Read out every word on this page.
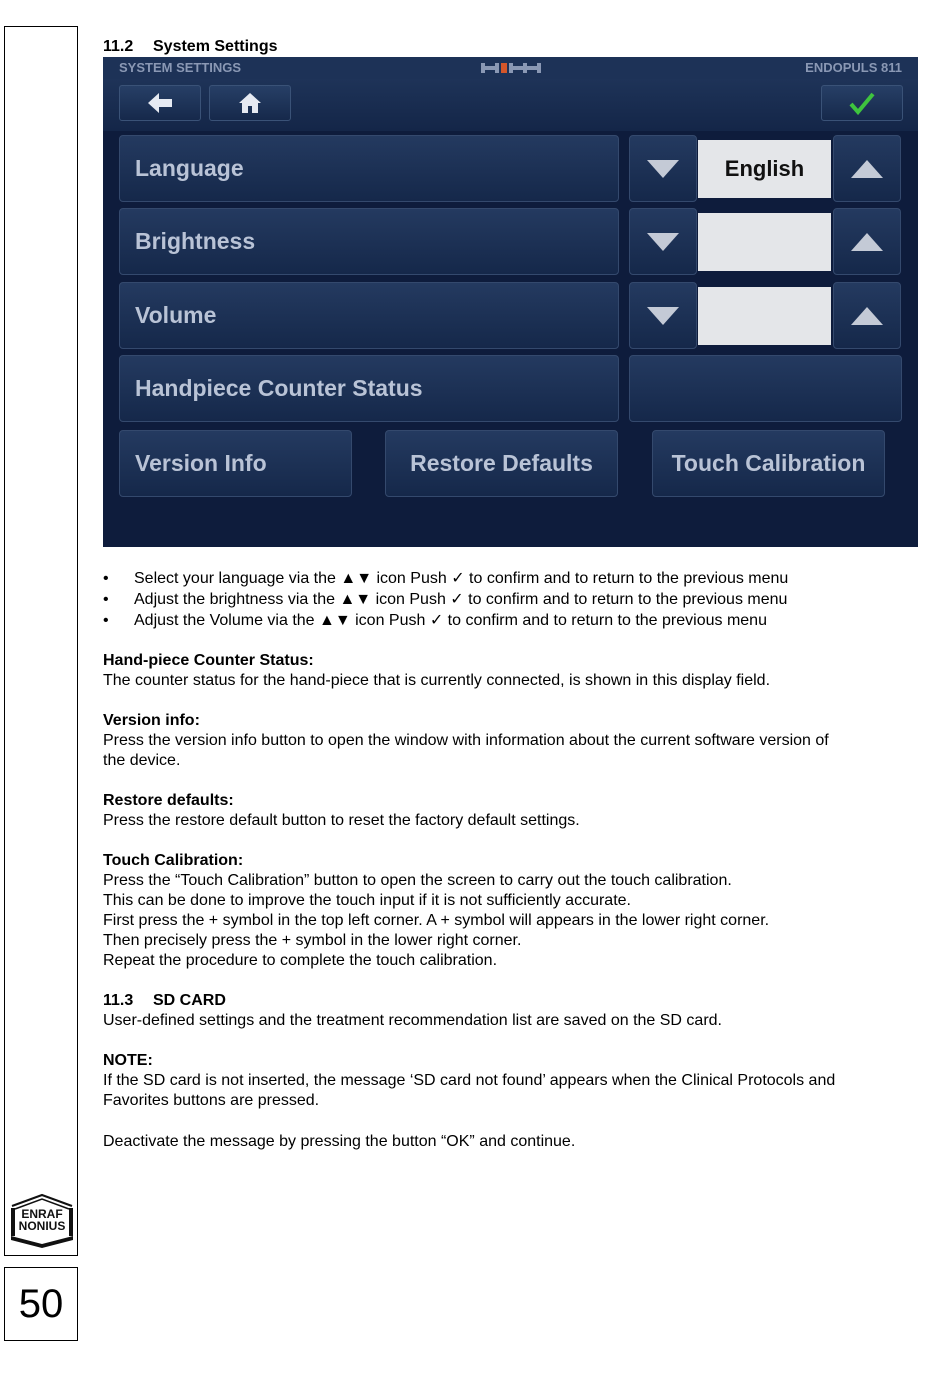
ENRAF
NONIUS
50
11.2 System Settings
SYSTEM SETTINGS	ENDOPULS 811
Language	English
Brightness
Volume
Handpiece Counter Status
Version Info	Restore Defaults	Touch Calibration
• Select your language via the ▲▼ icon Push ✓ to confirm and to return to the previous menu
• Adjust the brightness via the ▲▼ icon Push ✓ to confirm and to return to the previous menu
• Adjust the Volume via the ▲▼ icon Push ✓ to confirm and to return to the previous menu
Hand-piece Counter Status:
The counter status for the hand-piece that is currently connected, is shown in this display field.
Version info:
Press the version info button to open the window with information about the current software version of
the device.
Restore defaults:
Press the restore default button to reset the factory default settings.
Touch Calibration:
Press the “Touch Calibration” button to open the screen to carry out the touch calibration.
This can be done to improve the touch input if it is not sufficiently accurate.
First press the + symbol in the top left corner. A + symbol will appears in the lower right corner.
Then precisely press the + symbol in the lower right corner.
Repeat the procedure to complete the touch calibration.
11.3 SD CARD
User-defined settings and the treatment recommendation list are saved on the SD card.
NOTE:
If the SD card is not inserted, the message ‘SD card not found’ appears when the Clinical Protocols and
Favorites buttons are pressed.
Deactivate the message by pressing the button “OK” and continue.
